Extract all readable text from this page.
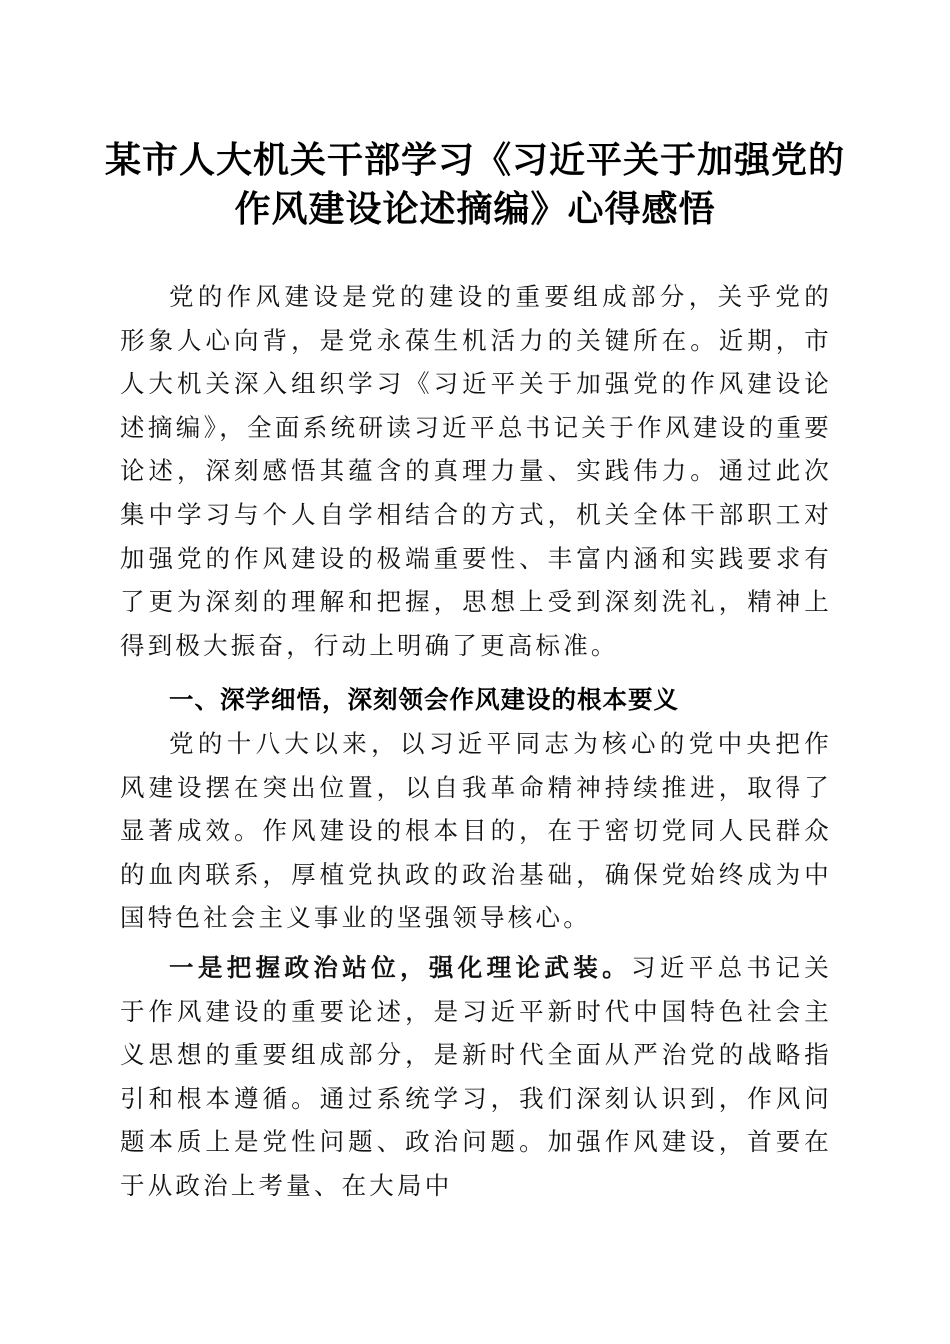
某市人大机关干部学习《习近平关于加强党的
作风建设论述摘编》心得感悟

党的作风建设是党的建设的重要组成部分，关乎党的形象人心向背，是党永葆生机活力的关键所在。近期，市人大机关深入组织学习《习近平关于加强党的作风建设论述摘编》，全面系统研读习近平总书记关于作风建设的重要论述，深刻感悟其蕴含的真理力量、实践伟力。通过此次集中学习与个人自学相结合的方式，机关全体干部职工对加强党的作风建设的极端重要性、丰富内涵和实践要求有了更为深刻的理解和把握，思想上受到深刻洗礼，精神上得到极大振奋，行动上明确了更高标准。

一、深学细悟，深刻领会作风建设的根本要义

党的十八大以来，以习近平同志为核心的党中央把作风建设摆在突出位置，以自我革命精神持续推进，取得了显著成效。作风建设的根本目的，在于密切党同人民群众的血肉联系，厚植党执政的政治基础，确保党始终成为中国特色社会主义事业的坚强领导核心。

一是把握政治站位，强化理论武装。习近平总书记关于作风建设的重要论述，是习近平新时代中国特色社会主义思想的重要组成部分，是新时代全面从严治党的战略指引和根本遵循。通过系统学习，我们深刻认识到，作风问题本质上是党性问题、政治问题。加强作风建设，首要在于从政治上考量、在大局中
